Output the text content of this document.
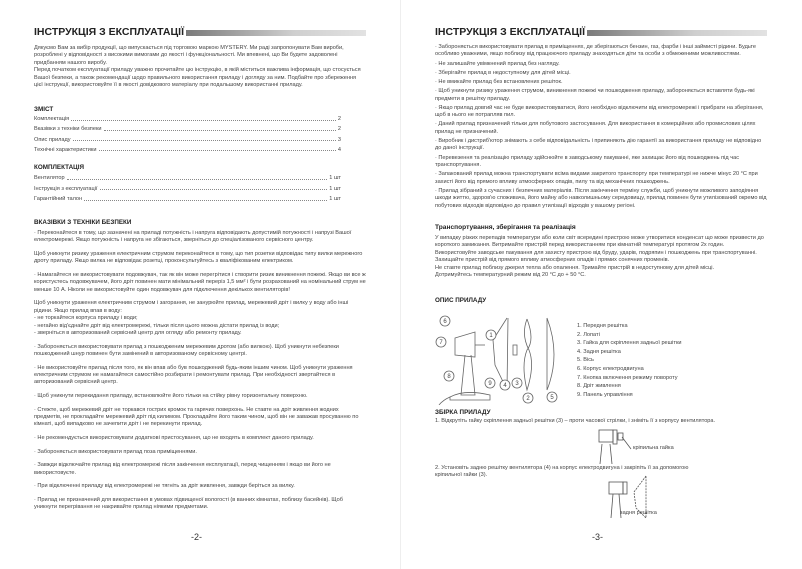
ІНСТРУКЦІЯ З ЕКСПЛУАТАЦІЇ

Дякуємо Вам за вибір продукції, що випускається під торговою маркою MYSTERY. Ми раді запропонувати Вам вироби, розроблені у відповідності з високими вимогами до якості і функціональності. Ми впевнені, що Ви будете задоволені придбанням нашого виробу.

Перед початком експлуатації приладу уважно прочитайте цю інструкцію, в якій міститься важлива інформація, що стосується Вашої безпеки, а також рекомендації щодо правильного використання приладу і догляду за ним. Подбайте про збереження цієї інструкції, використовуйте її в якості довідкового матеріалу при подальшому використанні приладу.

ЗМІСТ
Комплектація	2
Вказівки з техніки безпеки	2
Опис приладу	3
Технічні характеристики	4
КОМПЛЕКТАЦІЯ
Вентилятор	1 шт
Інструкція з експлуатації	1 шт
Гарантійний талон	1 шт
ВКАЗІВКИ З ТЕХНІКИ БЕЗПЕКИ

· Переконайтеся в тому, що зазначені на приладі потужність і напруга відповідають допустимій потужності і напрузі Вашої електромережі. Якщо потужність і напруга не збігаються, зверніться до спеціалізованого сервісного центру.

Щоб уникнути ризику ураження електричним струмом переконайтеся в тому, що тип розетки відповідає типу вилки мережного дроту приладу. Якщо вилка не відповідає розетці, проконсультуйтесь з кваліфікованим електриком.

· Намагайтеся не використовувати подовжувач, так як він може перегрітися і створити ризик виникнення пожежі. Якщо ви все ж користуєтесь подовжувачем, його дріт повинен мати мінімальний переріз 1,5 мм² і бути розрахований на номінальний струм не менше 10 А. Ніколи не використовуйте один подовжувач для підключення декількох вентиляторів!

Щоб уникнути ураження електричним струмом і загорання, не занурюйте прилад, мережевий дріт і вилку у воду або інші рідини. Якщо прилад впав в воду:
- не торкайтеся корпуса приладу і води;
- негайно від'єднайте дріт від електромережі, тільки після цього можна дістати прилад із води;
- зверніться в авторизований сервісний центр для огляду або ремонту приладу.

· Забороняється використовувати прилад з пошкодженим мережевим дротом (або вилкою). Щоб уникнути небезпеки пошкоджений шнур повинен бути замінений в авторизованому сервісному центрі.

· Не використовуйте прилад після того, як він впав або був пошкоджений будь-яким іншим чином. Щоб уникнути ураження електричним струмом не намагайтеся самостійно розбирати і ремонтувати прилад. При необхідності звертайтеся в авторизований сервісний центр.

· Щоб уникнути перекидання приладу, встановлюйте його тільки на стійку рівну горизонтальну поверхню.

· Стежте, щоб мережевий дріт не торкався гострих кромок та гарячих поверхонь. Не ставте на дріт живлення жодних предметів, не прокладайте мережевий дріт під килимом. Прокладайте його таким чином, щоб він не заважав просуванню по кімнаті, щоб випадково не зачепити дріт і не перекинути прилад.

· Не рекомендується використовувати додаткові пристосування, що не входять в комплект даного приладу.

· Забороняється використовувати прилад поза приміщеннями.

· Завжди відключайте прилад від електромережі після закінчення експлуатації, перед чищенням і якщо ви його не використовуєте.

· При відключенні приладу від електромережі не тягніть за дріт живлення, завжди беріться за вилку.

· Прилад не призначений для використання в умовах підвищеної вологості (в ванних кімнатах, поблизу басейнів). Щоб уникнути перегрівання не накривайте прилад ніякими предметами.

-2-
ІНСТРУКЦІЯ З ЕКСПЛУАТАЦІЇ

· Забороняється використовувати прилад в приміщеннях, де зберігаються бензин, газ, фарби і інші займисті рідини. Будьте особливо уважними, якщо поблизу від працюючого приладу знаходяться діти та особи з обмеженими можливостями.

· Не залишайте увімкнений прилад без нагляду.

· Зберігайте прилад в недоступному для дітей місці.

· Не вмикайте прилад без встановлених решіток.

· Щоб уникнути ризику ураження струмом, виникнення пожежі чи пошкодження приладу, забороняється вставляти будь-які предмети в решітку приладу.

· Якщо прилад довгий час не буде використовуватися, його необхідно відключити від електромережі і прибрати на зберігання, щоб в нього не потрапляв пил.

· Даний прилад призначений тільки для побутового застосування. Для використання в комерційних або промислових цілях прилад не призначений.

· Виробник і дистриб'ютор знімають з себе відповідальність і припиняють дію гарантії за використання приладу не відповідно до даної інструкції.

· Перевезення та реалізацію приладу здійснюйте в заводському пакуванні, яке захищає його від пошкоджень під час транспортування.

· Запакований прилад можна транспортувати всіма видами закритого транспорту при температурі не нижче мінус 20 °С при захисті його від прямого впливу атмосферних опадів, пилу та від механічних пошкоджень.

· Прилад зібраний з сучасних і безпечних матеріалів. Після закінчення терміну служби, щоб уникнути можливого заподіяння шкоди життю, здоров'ю споживача, його майну або навколишньому середовищу, прилад повинен бути утилізований окремо від побутових відходів відповідно до правил утилізації відходів у вашому регіоні.

Транспортування, зберігання та реалізація

У випадку різких перепадів температури або коли світ всередині пристрою може утворитися конденсат що може призвести до короткого замикання. Витримайте пристрій перед використанням при кімнатній температурі протягом 2х годин.

Використовуйте заводське пакування для захисту пристрою від бруду, ударів, подряпин і пошкоджень при транспортуванні.

Захищайте пристрій від прямого впливу атмосферних опадів і прямих сонячних променів.

Не ставте прилад поблизу джерел тепла або опалення. Тримайте пристрій в недоступному для дітей місці.

Дотримуйтесь температурний режим від 20 °С до + 50 °С.

ОПИС ПРИЛАДУ
1
2
3
4
5
6
7
8
9
1. Передня решітка
2. Лопаті
3. Гайка для скріплення задньої решітки
4. Задня решітка
5. Вісь
6. Корпус електродвигуна
7. Кнопка включення режиму повороту
8. Дріт живлення
9. Панель управління
ЗБІРКА ПРИЛАДУ
1. Відкрутіть гайку скріплення задньої решітки (3) – проти часової стрілки, і зніміть її з корпусу вентилятора.
кріпильна гайка
2. Установіть задню решітку вентилятора (4) на корпус електродвигуна і закріпіть її за допомогою кріпильної гайки (3).
задня решітка
-3-
